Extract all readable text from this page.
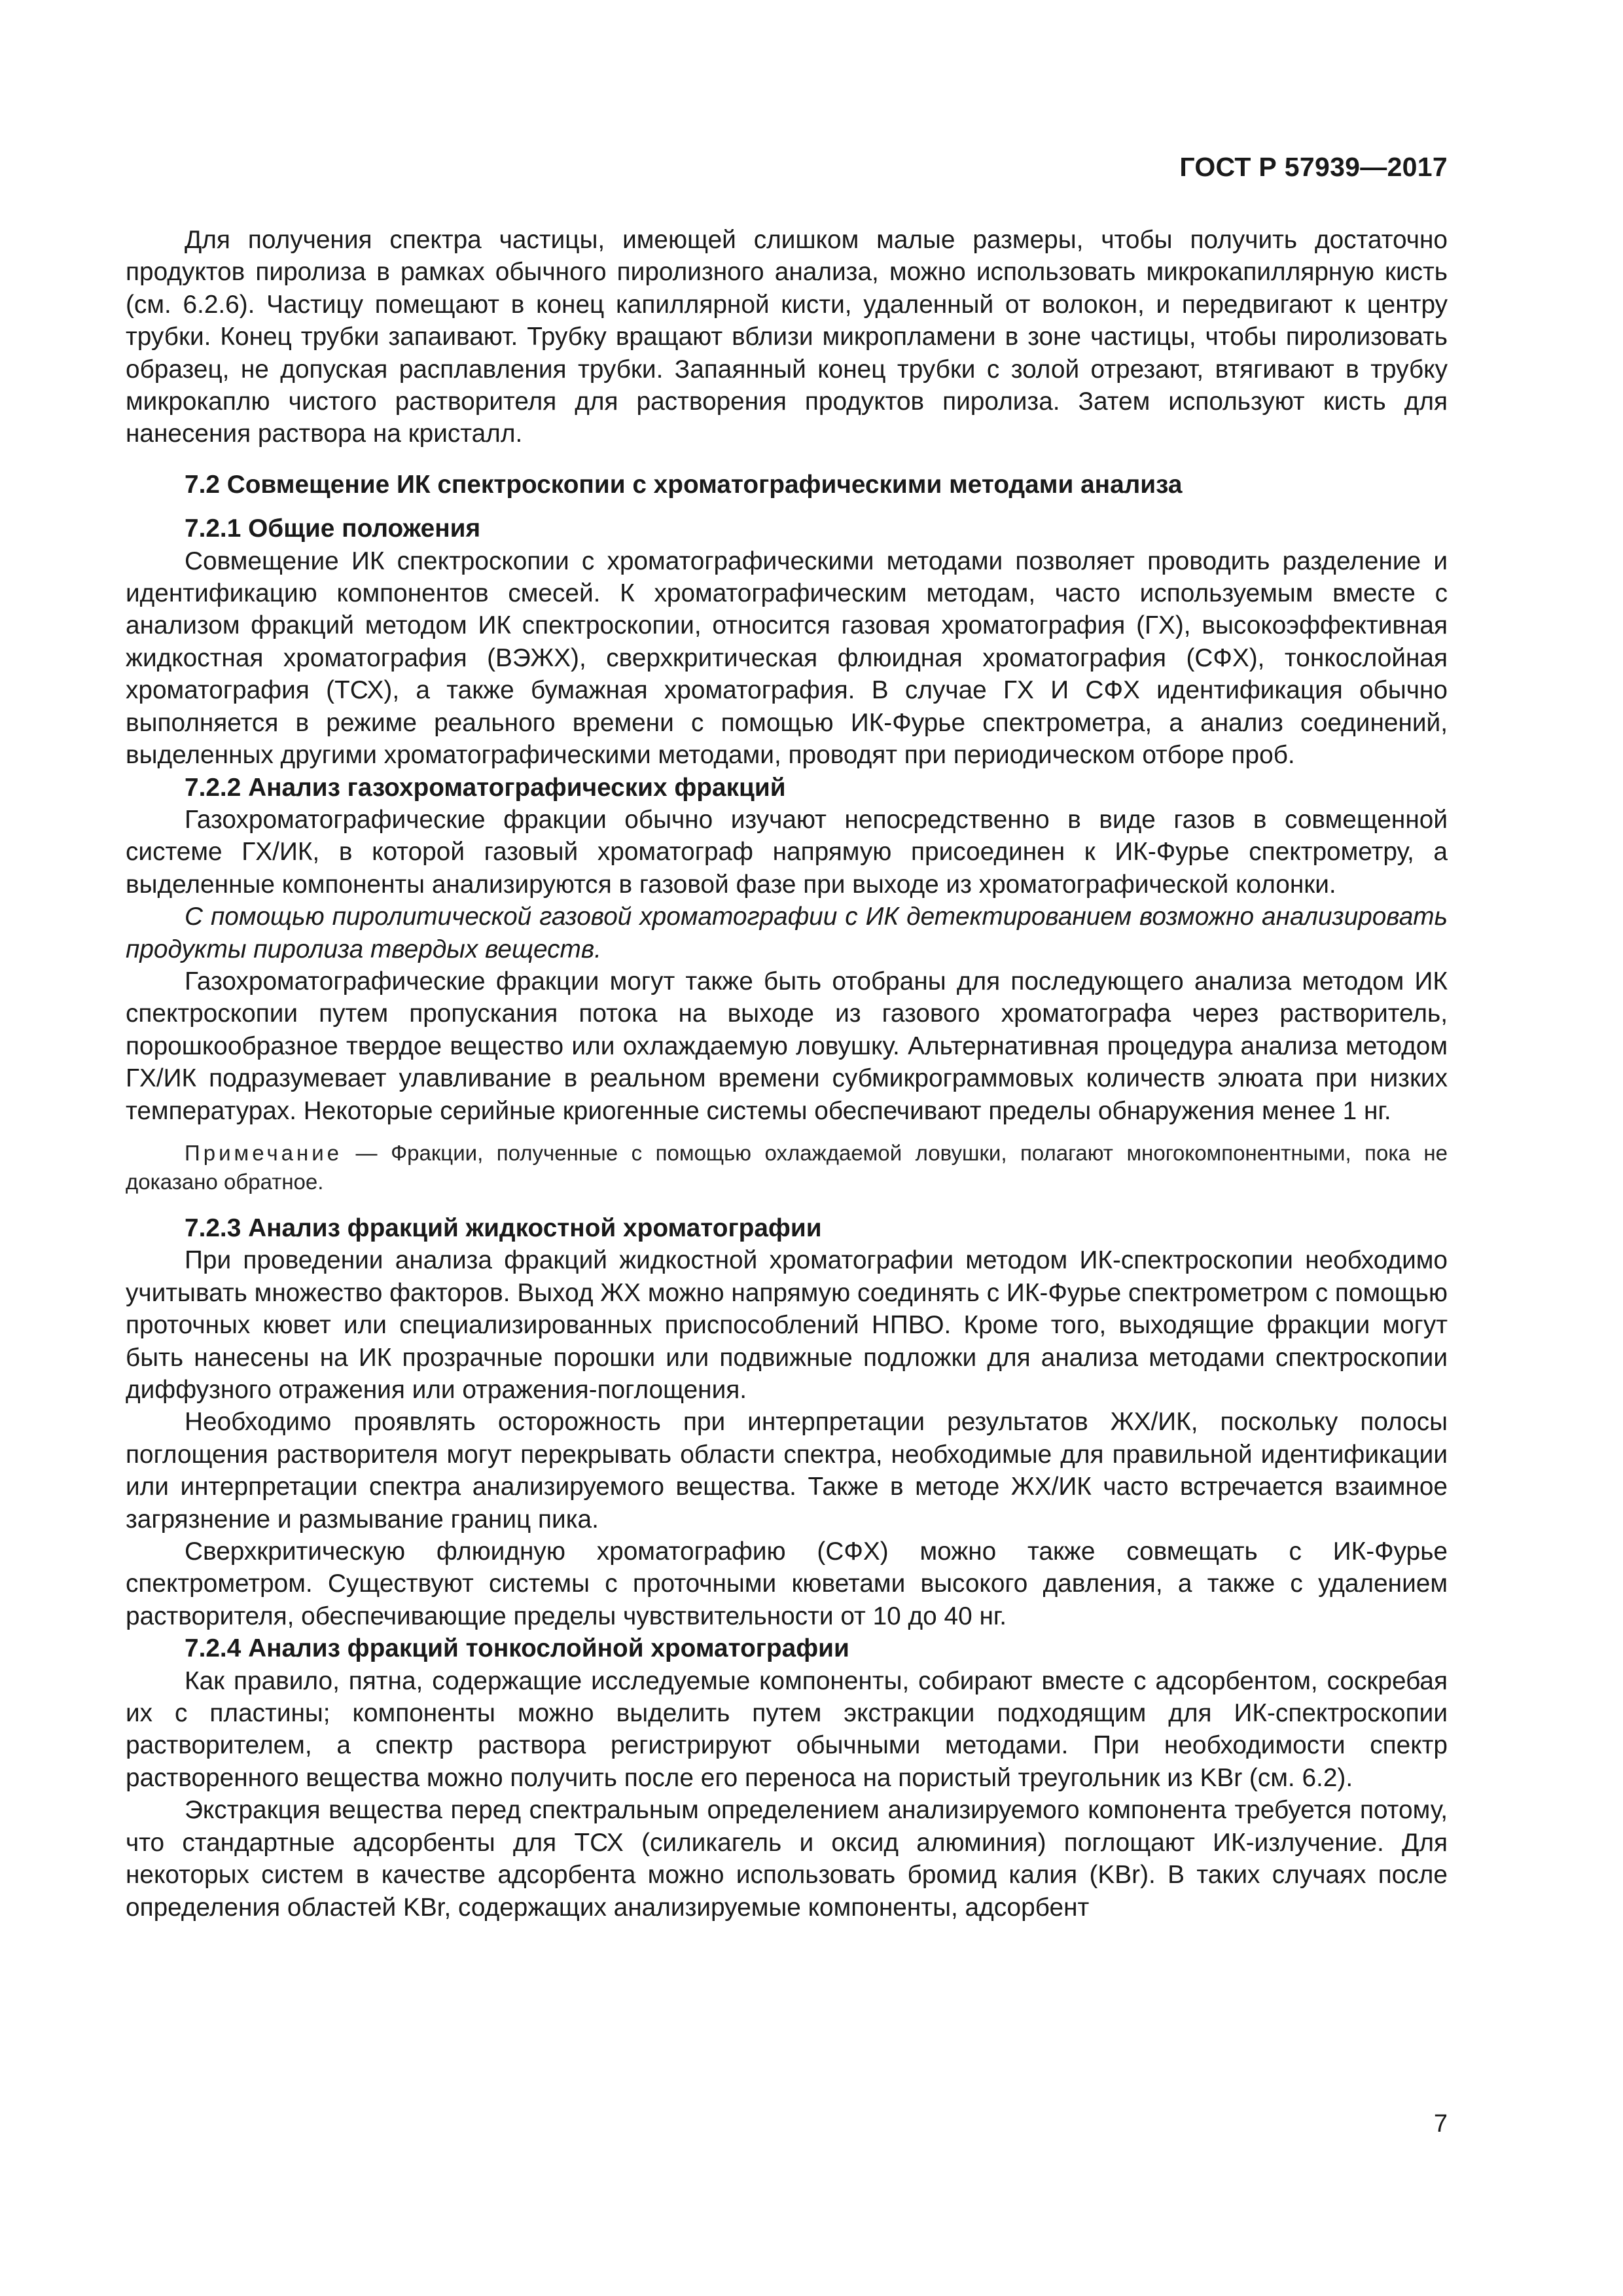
ГОСТ Р 57939—2017

Для получения спектра частицы, имеющей слишком малые размеры, чтобы получить достаточно продуктов пиролиза в рамках обычного пиролизного анализа, можно использовать микрокапиллярную кисть (см. 6.2.6). Частицу помещают в конец капиллярной кисти, удаленный от волокон, и передвигают к центру трубки. Конец трубки запаивают. Трубку вращают вблизи микропламени в зоне частицы, чтобы пиролизовать образец, не допуская расплавления трубки. Запаянный конец трубки с золой отрезают, втягивают в трубку микрокаплю чистого растворителя для растворения продуктов пиролиза. Затем используют кисть для нанесения раствора на кристалл.

7.2 Совмещение ИК спектроскопии с хроматографическими методами анализа
7.2.1 Общие положения

Совмещение ИК спектроскопии с хроматографическими методами позволяет проводить разделение и идентификацию компонентов смесей. К хроматографическим методам, часто используемым вместе с анализом фракций методом ИК спектроскопии, относится газовая хроматография (ГХ), высокоэффективная жидкостная хроматография (ВЭЖХ), сверхкритическая флюидная хроматография (СФХ), тонкослойная хроматография (ТСХ), а также бумажная хроматография. В случае ГХ И СФХ идентификация обычно выполняется в режиме реального времени с помощью ИК-Фурье спектрометра, а анализ соединений, выделенных другими хроматографическими методами, проводят при периодическом отборе проб.

7.2.2 Анализ газохроматографических фракций

Газохроматографические фракции обычно изучают непосредственно в виде газов в совмещенной системе ГХ/ИК, в которой газовый хроматограф напрямую присоединен к ИК-Фурье спектрометру, а выделенные компоненты анализируются в газовой фазе при выходе из хроматографической колонки.

С помощью пиролитической газовой хроматографии с ИК детектированием возможно анализировать продукты пиролиза твердых веществ.

Газохроматографические фракции могут также быть отобраны для последующего анализа методом ИК спектроскопии путем пропускания потока на выходе из газового хроматографа через растворитель, порошкообразное твердое вещество или охлаждаемую ловушку. Альтернативная процедура анализа методом ГХ/ИК подразумевает улавливание в реальном времени субмикрограммовых количеств элюата при низких температурах. Некоторые серийные криогенные системы обеспечивают пределы обнаружения менее 1 нг.

Примечание — Фракции, полученные с помощью охлаждаемой ловушки, полагают многокомпонентными, пока не доказано обратное.

7.2.3 Анализ фракций жидкостной хроматографии

При проведении анализа фракций жидкостной хроматографии методом ИК-спектроскопии необходимо учитывать множество факторов. Выход ЖХ можно напрямую соединять с ИК-Фурье спектрометром с помощью проточных кювет или специализированных приспособлений НПВО. Кроме того, выходящие фракции могут быть нанесены на ИК прозрачные порошки или подвижные подложки для анализа методами спектроскопии диффузного отражения или отражения-поглощения.

Необходимо проявлять осторожность при интерпретации результатов ЖХ/ИК, поскольку полосы поглощения растворителя могут перекрывать области спектра, необходимые для правильной идентификации или интерпретации спектра анализируемого вещества. Также в методе ЖХ/ИК часто встречается взаимное загрязнение и размывание границ пика.

Сверхкритическую флюидную хроматографию (СФХ) можно также совмещать с ИК-Фурье спектрометром. Существуют системы с проточными кюветами высокого давления, а также с удалением растворителя, обеспечивающие пределы чувствительности от 10 до 40 нг.

7.2.4 Анализ фракций тонкослойной хроматографии

Как правило, пятна, содержащие исследуемые компоненты, собирают вместе с адсорбентом, соскребая их с пластины; компоненты можно выделить путем экстракции подходящим для ИК-спектроскопии растворителем, а спектр раствора регистрируют обычными методами. При необходимости спектр растворенного вещества можно получить после его переноса на пористый треугольник из KBr (см. 6.2).

Экстракция вещества перед спектральным определением анализируемого компонента требуется потому, что стандартные адсорбенты для ТСХ (силикагель и оксид алюминия) поглощают ИК-излучение. Для некоторых систем в качестве адсорбента можно использовать бромид калия (KBr). В таких случаях после определения областей KBr, содержащих анализируемые компоненты, адсорбент

7
